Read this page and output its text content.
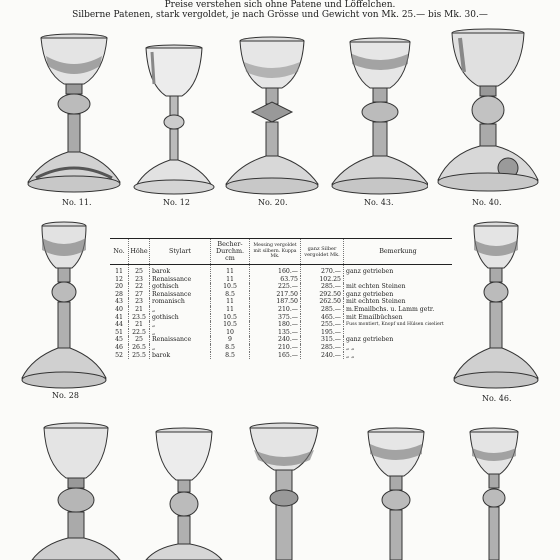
Preise verstehen sich ohne Patene und Löffelchen.
Silberne Patenen, stark vergoldet, je nach Grösse und Gewicht von Mk. 25.— bis Mk. 30.—
No. 11.	No. 12	No. 20.	No. 43.	No. 40.
No. 28	No. 46.
No.	Höhe	Stylart	Becher-Durchm. cm	Messing vergoldet mit silbern. Kuppa Mk.	ganz Silber vergoldet Mk.	Bemerkung
11	25	barok	11	160.—	270.—	ganz getrieben
12	23	Renaissance	11	63.75	102.25	
20	22	gothisch	10.5	225.—	285.—	mit echten Steinen
28	27	Renaissance	8.5	217.50	292.50	ganz getrieben
43	23	romanisch	11	187.50	262.50	mit echten Steinen
40	21	„	11	210.—	285.—	m.Emailbchs. u. Lamm getr.
41	23.5	gothisch	10.5	375.—	465.—	mit Emailbüchsen
44	21	„	10.5	180.—	255.—	Fuss montiert, Knopf und Hülsen ciseliert
51	22.5	„	10	135.—	195.—	
45	25	Renaissance	9	240.—	315.—	ganz getrieben
46	26.5	„	8.5	210.—	285.—	„ „
52	25.5	barok	8.5	165.—	240.—	„ „
